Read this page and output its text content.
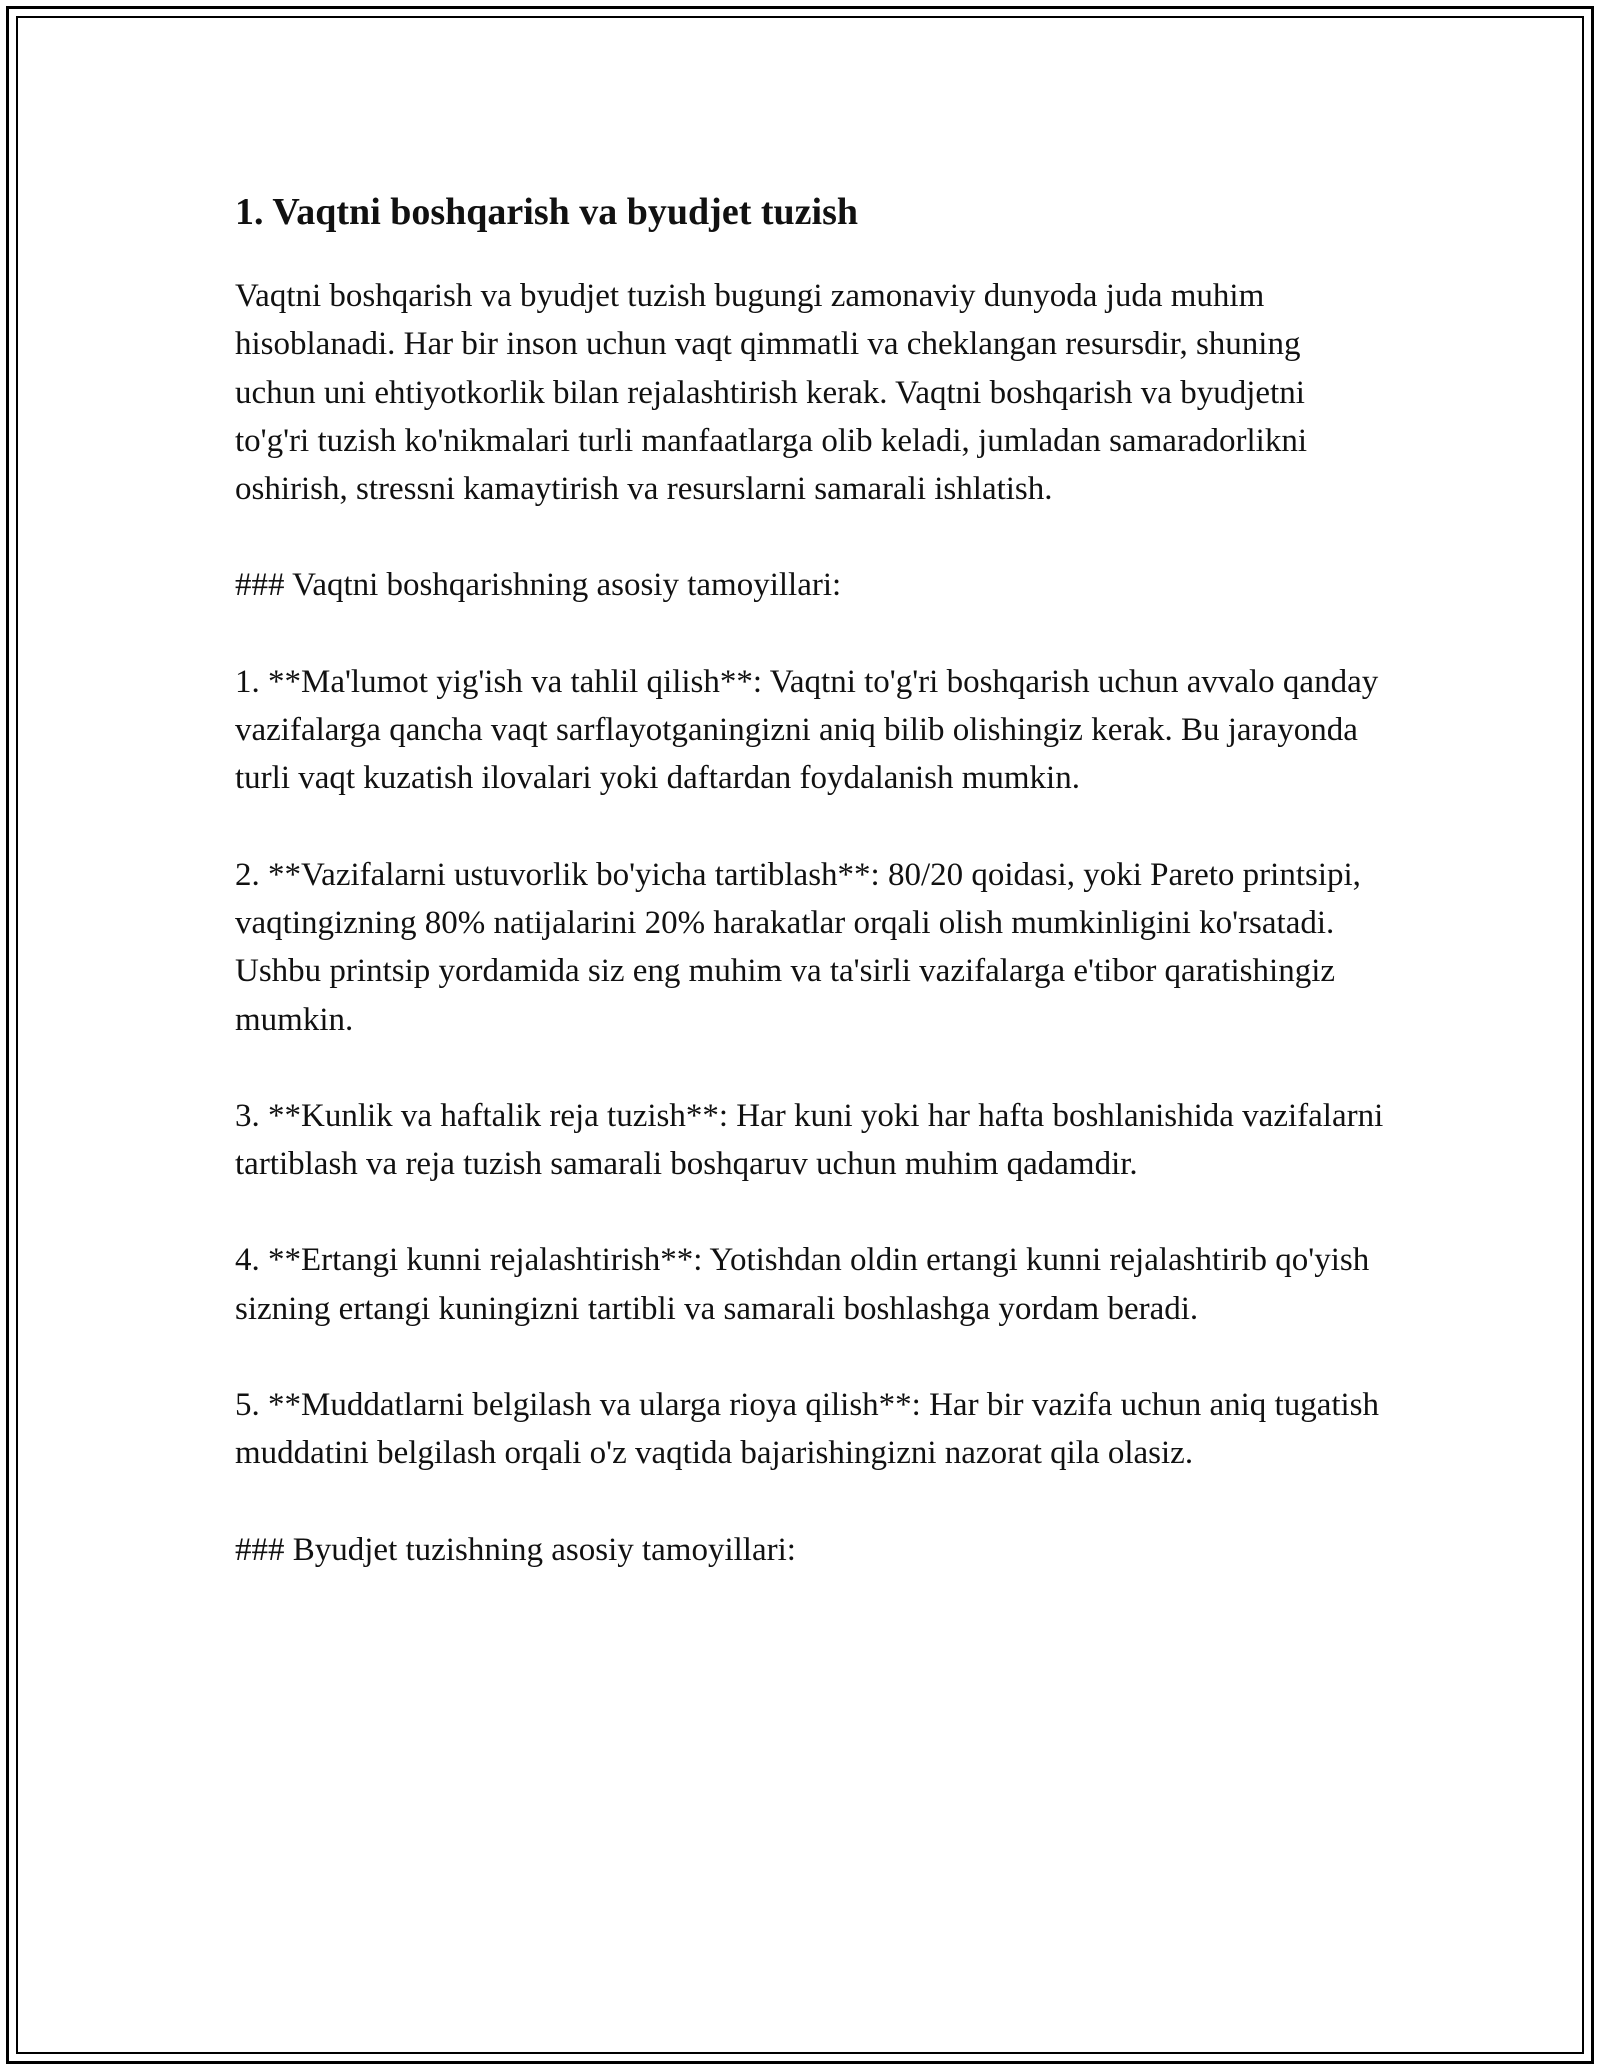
1. Vaqtni boshqarish va byudjet tuzish

Vaqtni boshqarish va byudjet tuzish bugungi zamonaviy dunyoda juda muhim hisoblanadi. Har bir inson uchun vaqt qimmatli va cheklangan resursdir, shuning uchun uni ehtiyotkorlik bilan rejalashtirish kerak. Vaqtni boshqarish va byudjetni to'g'ri tuzish ko'nikmalari turli manfaatlarga olib keladi, jumladan samaradorlikni oshirish, stressni kamaytirish va resurslarni samarali ishlatish.

### Vaqtni boshqarishning asosiy tamoyillari:

1. **Ma'lumot yig'ish va tahlil qilish**: Vaqtni to'g'ri boshqarish uchun avvalo qanday vazifalarga qancha vaqt sarflayotganingizni aniq bilib olishingiz kerak. Bu jarayonda turli vaqt kuzatish ilovalari yoki daftardan foydalanish mumkin.

2. **Vazifalarni ustuvorlik bo'yicha tartiblash**: 80/20 qoidasi, yoki Pareto printsipi, vaqtingizning 80% natijalarini 20% harakatlar orqali olish mumkinligini ko'rsatadi. Ushbu printsip yordamida siz eng muhim va ta'sirli vazifalarga e'tibor qaratishingiz mumkin.

3. **Kunlik va haftalik reja tuzish**: Har kuni yoki har hafta boshlanishida vazifalarni tartiblash va reja tuzish samarali boshqaruv uchun muhim qadamdir.

4. **Ertangi kunni rejalashtirish**: Yotishdan oldin ertangi kunni rejalashtirib qo'yish sizning ertangi kuningizni tartibli va samarali boshlashga yordam beradi.

5. **Muddatlarni belgilash va ularga rioya qilish**: Har bir vazifa uchun aniq tugatish muddatini belgilash orqali o'z vaqtida bajarishingizni nazorat qila olasiz.

### Byudjet tuzishning asosiy tamoyillari:
